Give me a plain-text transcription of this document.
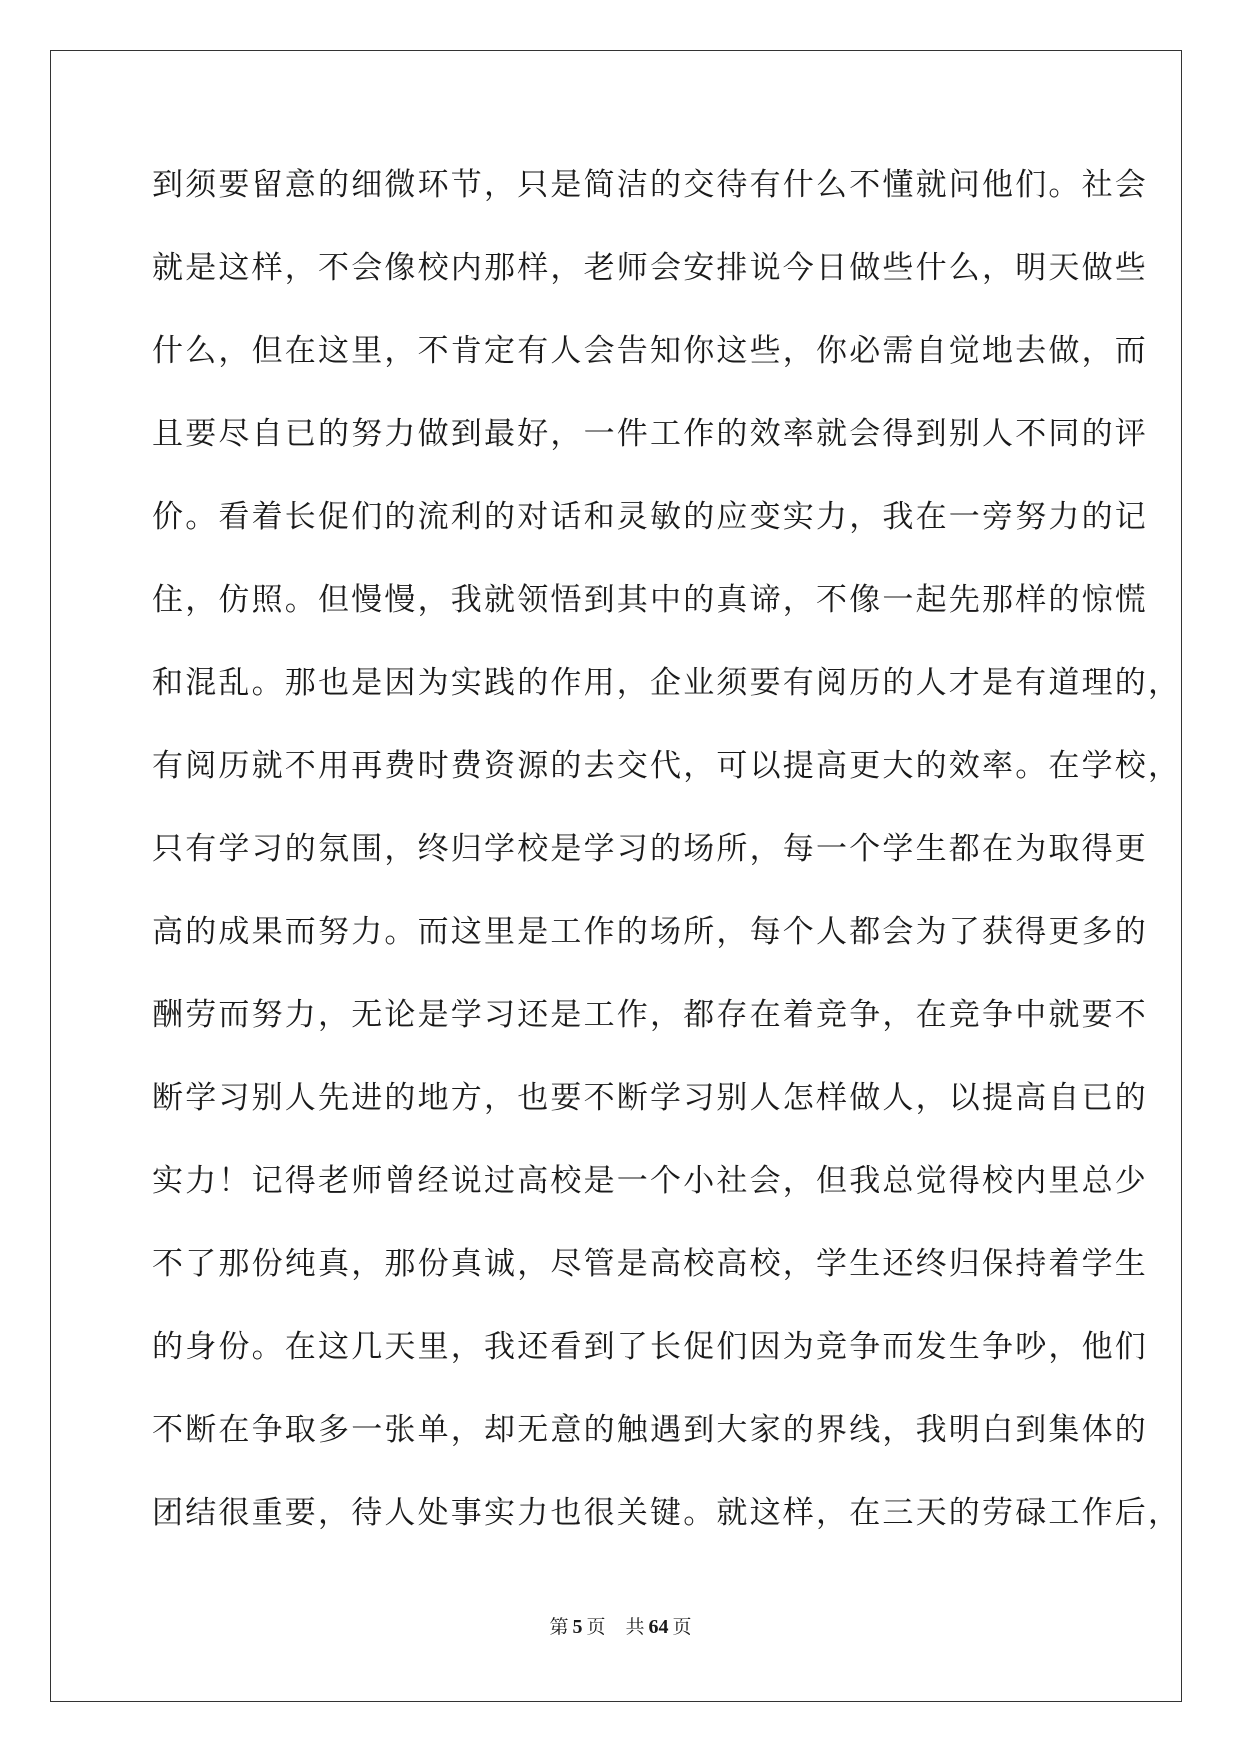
到须要留意的细微环节，只是简洁的交待有什么不懂就问他们。社会
就是这样，不会像校内那样，老师会安排说今日做些什么，明天做些
什么，但在这里，不肯定有人会告知你这些，你必需自觉地去做，而
且要尽自已的努力做到最好，一件工作的效率就会得到别人不同的评
价。看着长促们的流利的对话和灵敏的应变实力，我在一旁努力的记
住，仿照。但慢慢，我就领悟到其中的真谛，不像一起先那样的惊慌
和混乱。那也是因为实践的作用，企业须要有阅历的人才是有道理的，
有阅历就不用再费时费资源的去交代，可以提高更大的效率。在学校，
只有学习的氛围，终归学校是学习的场所，每一个学生都在为取得更
高的成果而努力。而这里是工作的场所，每个人都会为了获得更多的
酬劳而努力，无论是学习还是工作，都存在着竞争，在竞争中就要不
断学习别人先进的地方，也要不断学习别人怎样做人，以提高自已的
实力！记得老师曾经说过高校是一个小社会，但我总觉得校内里总少
不了那份纯真，那份真诚，尽管是高校高校，学生还终归保持着学生
的身份。在这几天里，我还看到了长促们因为竞争而发生争吵，他们
不断在争取多一张单，却无意的触遇到大家的界线，我明白到集体的
团结很重要，待人处事实力也很关键。就这样，在三天的劳碌工作后，
第 5 页 共 64 页
